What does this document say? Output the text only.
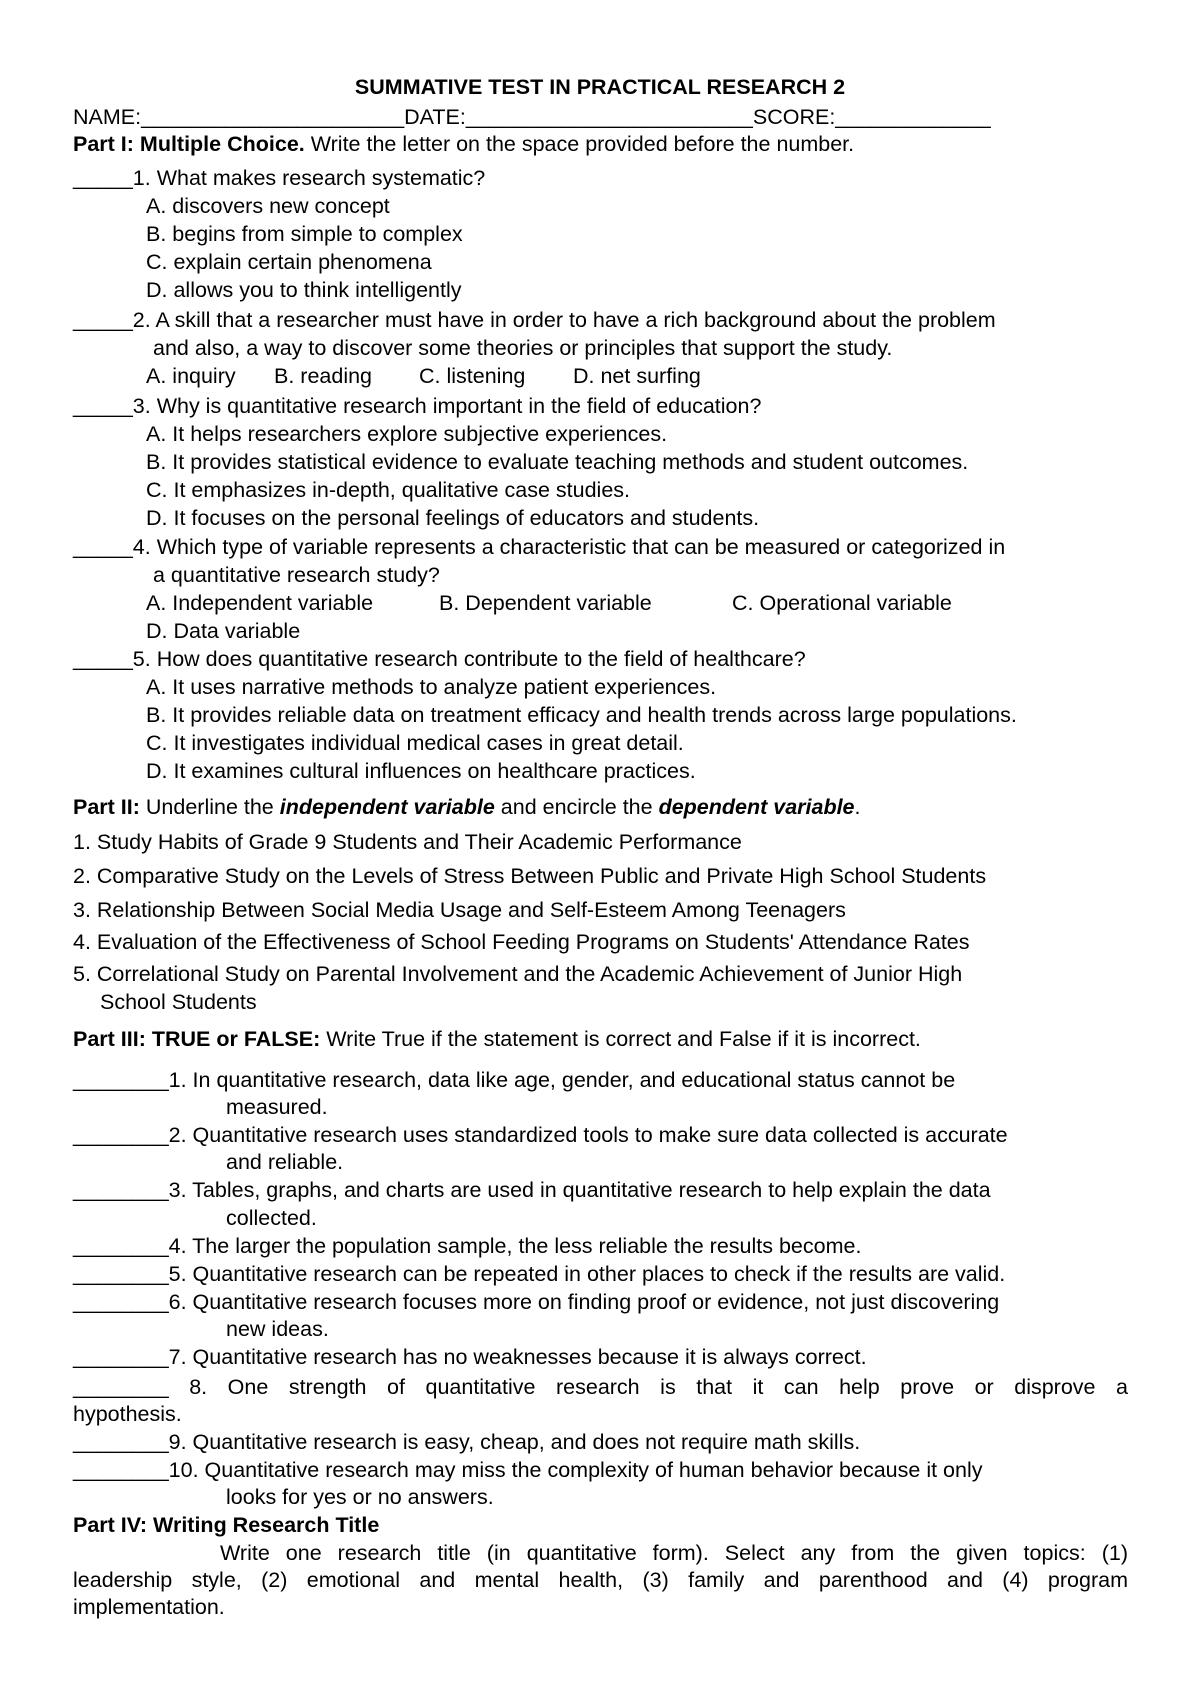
SUMMATIVE TEST IN PRACTICAL RESEARCH 2
NAME:______________________DATE:________________________SCORE:_____________
Part I: Multiple Choice. Write the letter on the space provided before the number.
_____1. What makes research systematic?
A. discovers new concept
B. begins from simple to complex
C. explain certain phenomena
D. allows you to think intelligently
_____2. A skill that a researcher must have in order to have a rich background about the problem
and also, a way to discover some theories or principles that support the study.
A. inquiry B. reading C. listening D. net surfing
_____3. Why is quantitative research important in the field of education?
A. It helps researchers explore subjective experiences.
B. It provides statistical evidence to evaluate teaching methods and student outcomes.
C. It emphasizes in-depth, qualitative case studies.
D. It focuses on the personal feelings of educators and students.
_____4. Which type of variable represents a characteristic that can be measured or categorized in
a quantitative research study?
A. Independent variable	B. Dependent variable	C. Operational variable
D. Data variable
_____5. How does quantitative research contribute to the field of healthcare?
A. It uses narrative methods to analyze patient experiences.
B. It provides reliable data on treatment efficacy and health trends across large populations.
C. It investigates individual medical cases in great detail.
D. It examines cultural influences on healthcare practices.
Part II: Underline the independent variable and encircle the dependent variable.
1. Study Habits of Grade 9 Students and Their Academic Performance
2. Comparative Study on the Levels of Stress Between Public and Private High School Students
3. Relationship Between Social Media Usage and Self-Esteem Among Teenagers
4. Evaluation of the Effectiveness of School Feeding Programs on Students' Attendance Rates
5. Correlational Study on Parental Involvement and the Academic Achievement of Junior High
School Students
Part III: TRUE or FALSE: Write True if the statement is correct and False if it is incorrect.
________1. In quantitative research, data like age, gender, and educational status cannot be
measured.
________2. Quantitative research uses standardized tools to make sure data collected is accurate
and reliable.
________3. Tables, graphs, and charts are used in quantitative research to help explain the data
collected.
________4. The larger the population sample, the less reliable the results become.
________5. Quantitative research can be repeated in other places to check if the results are valid.
________6. Quantitative research focuses more on finding proof or evidence, not just discovering
new ideas.
________7. Quantitative research has no weaknesses because it is always correct.
________ 8. One strength of quantitative research is that it can help prove or disprove a
hypothesis.
________9. Quantitative research is easy, cheap, and does not require math skills.
________10. Quantitative research may miss the complexity of human behavior because it only
looks for yes or no answers.
Part IV: Writing Research Title
Write one research title (in quantitative form). Select any from the given topics: (1)
leadership style, (2) emotional and mental health, (3) family and parenthood and (4) program
implementation.
